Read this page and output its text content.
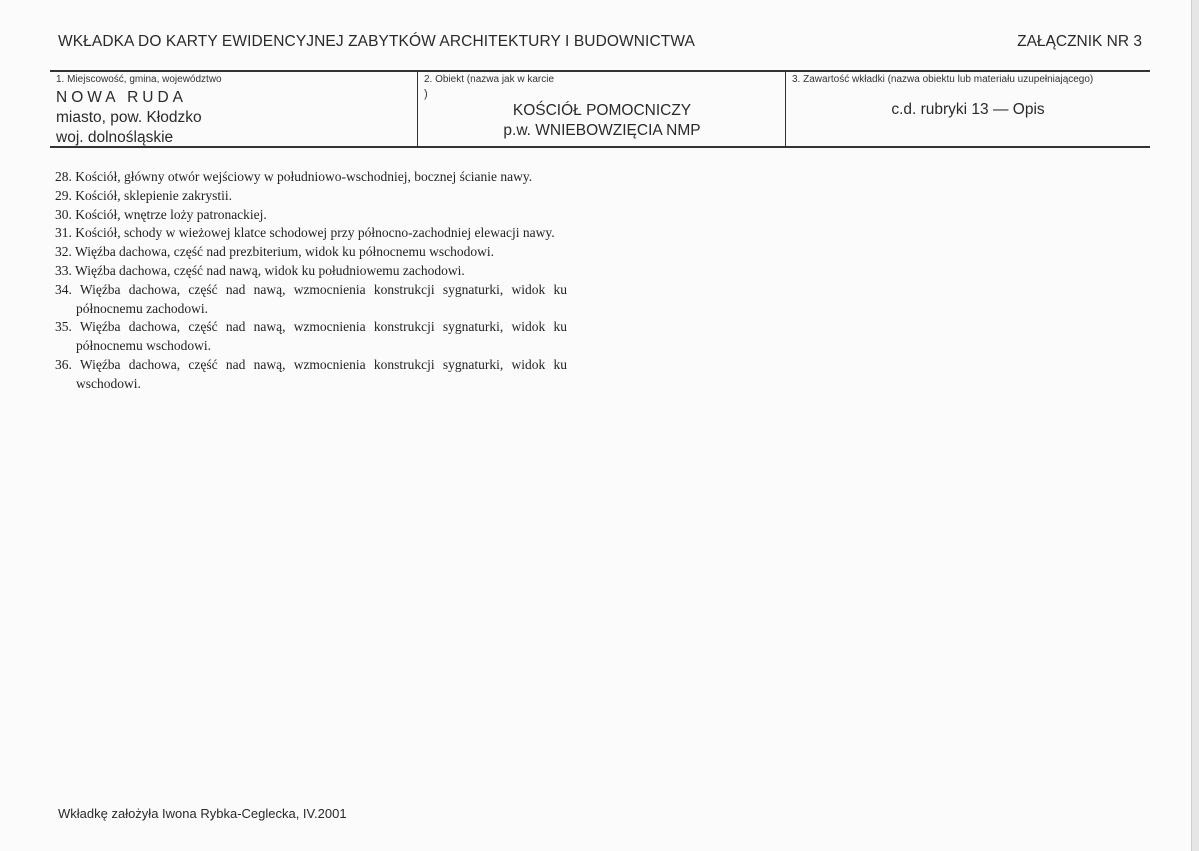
WKŁADKA DO KARTY EWIDENCYJNEJ ZABYTKÓW ARCHITEKTURY I BUDOWNICTWA	ZAŁĄCZNIK NR 3
1. Miejscowość, gmina, województwo
NOWA RUDA
miasto, pow. Kłodzko
woj. dolnośląskie
2. Obiekt (nazwa jak w karcie
)
KOŚCIÓŁ POMOCNICZY
p.w. WNIEBOWZIĘCIA NMP
3. Zawartość wkładki (nazwa obiektu lub materiału uzupełniającego)
c.d. rubryki 13 — Opis
28. Kościół, główny otwór wejściowy w południowo-wschodniej, bocznej ścianie nawy.
29. Kościół, sklepienie zakrystii.
30. Kościół, wnętrze loży patronackiej.
31. Kościół, schody w wieżowej klatce schodowej przy północno-zachodniej elewacji nawy.
32. Więźba dachowa, część nad prezbiterium, widok ku północnemu wschodowi.
33. Więźba dachowa, część nad nawą, widok ku południowemu zachodowi.
34. Więźba dachowa, część nad nawą, wzmocnienia konstrukcji sygnaturki, widok ku północnemu zachodowi.
35. Więźba dachowa, część nad nawą, wzmocnienia konstrukcji sygnaturki, widok ku północnemu wschodowi.
36. Więźba dachowa, część nad nawą, wzmocnienia konstrukcji sygnaturki, widok ku wschodowi.
Wkładkę założyła Iwona Rybka-Ceglecka, IV.2001
